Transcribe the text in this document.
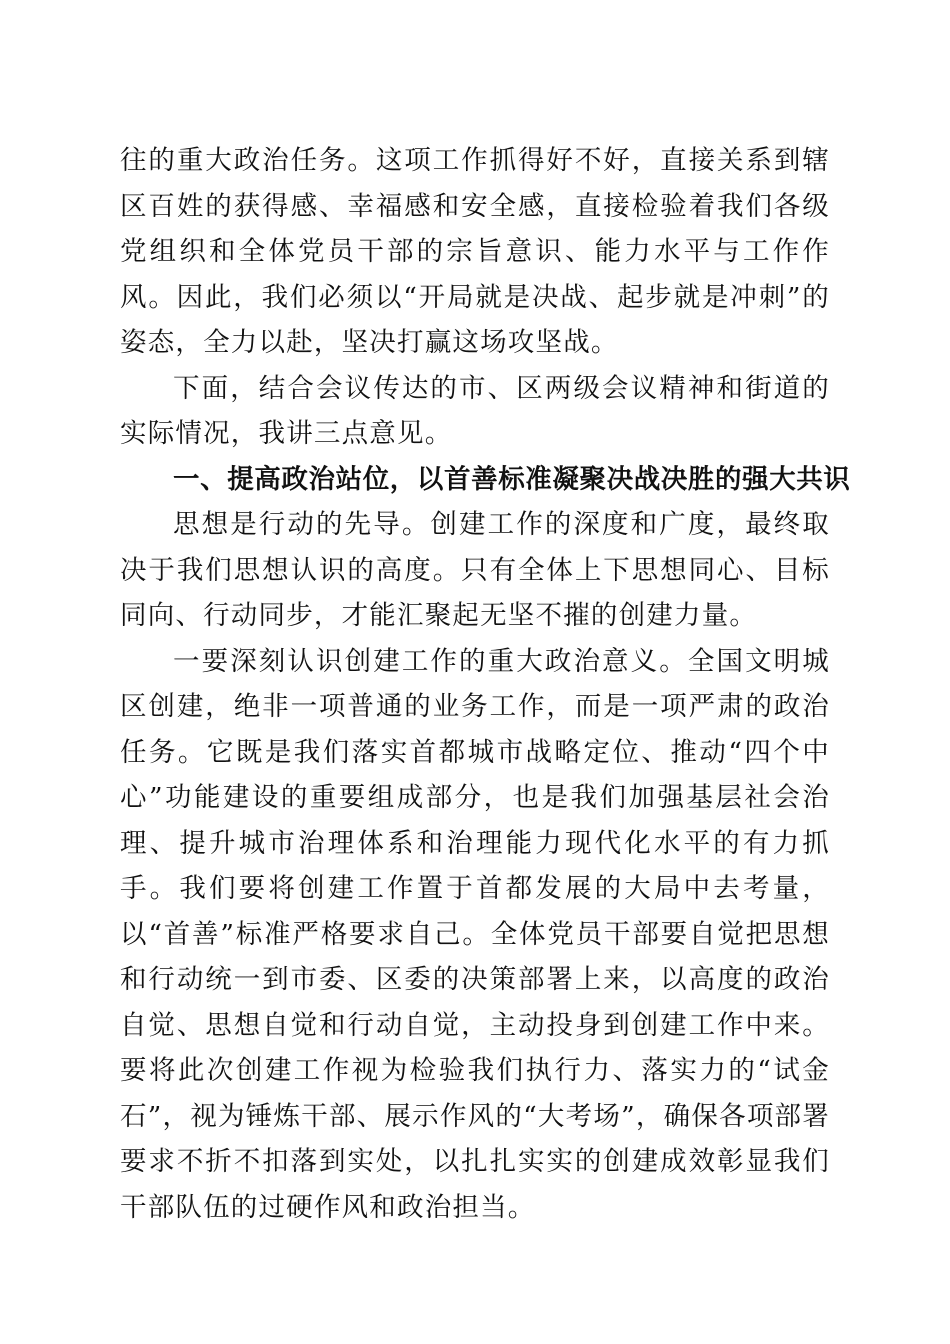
往的重大政治任务。这项工作抓得好不好，直接关系到辖区百姓的获得感、幸福感和安全感，直接检验着我们各级党组织和全体党员干部的宗旨意识、能力水平与工作作风。因此，我们必须以“开局就是决战、起步就是冲刺”的姿态，全力以赴，坚决打赢这场攻坚战。

下面，结合会议传达的市、区两级会议精神和街道的实际情况，我讲三点意见。

一、提高政治站位，以首善标准凝聚决战决胜的强大共识

思想是行动的先导。创建工作的深度和广度，最终取决于我们思想认识的高度。只有全体上下思想同心、目标同向、行动同步，才能汇聚起无坚不摧的创建力量。

一要深刻认识创建工作的重大政治意义。全国文明城区创建，绝非一项普通的业务工作，而是一项严肃的政治任务。它既是我们落实首都城市战略定位、推动“四个中心”功能建设的重要组成部分，也是我们加强基层社会治理、提升城市治理体系和治理能力现代化水平的有力抓手。我们要将创建工作置于首都发展的大局中去考量，以“首善”标准严格要求自己。全体党员干部要自觉把思想和行动统一到市委、区委的决策部署上来，以高度的政治自觉、思想自觉和行动自觉，主动投身到创建工作中来。要将此次创建工作视为检验我们执行力、落实力的“试金石”，视为锤炼干部、展示作风的“大考场”，确保各项部署要求不折不扣落到实处，以扎扎实实的创建成效彰显我们干部队伍的过硬作风和政治担当。
